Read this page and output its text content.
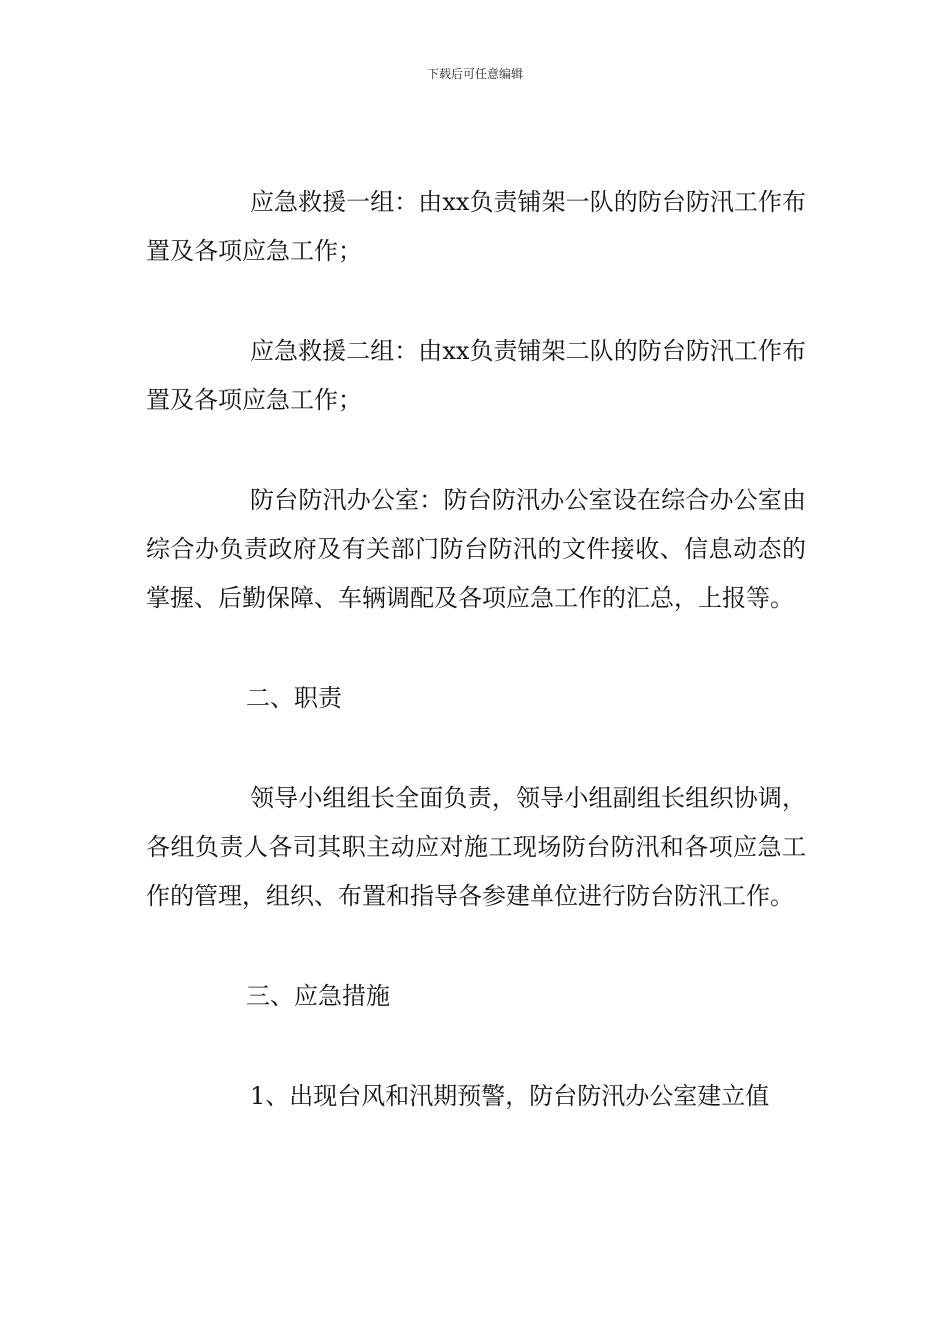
下载后可任意编辑

应急救援一组：由xx负责铺架一队的防台防汛工作布置及各项应急工作；

应急救援二组：由xx负责铺架二队的防台防汛工作布置及各项应急工作；

防台防汛办公室：防台防汛办公室设在综合办公室由综合办负责政府及有关部门防台防汛的文件接收、信息动态的掌握、后勤保障、车辆调配及各项应急工作的汇总，上报等。

二、职责

领导小组组长全面负责，领导小组副组长组织协调，各组负责人各司其职主动应对施工现场防台防汛和各项应急工作的管理，组织、布置和指导各参建单位进行防台防汛工作。

三、应急措施

1、出现台风和汛期预警，防台防汛办公室建立值
